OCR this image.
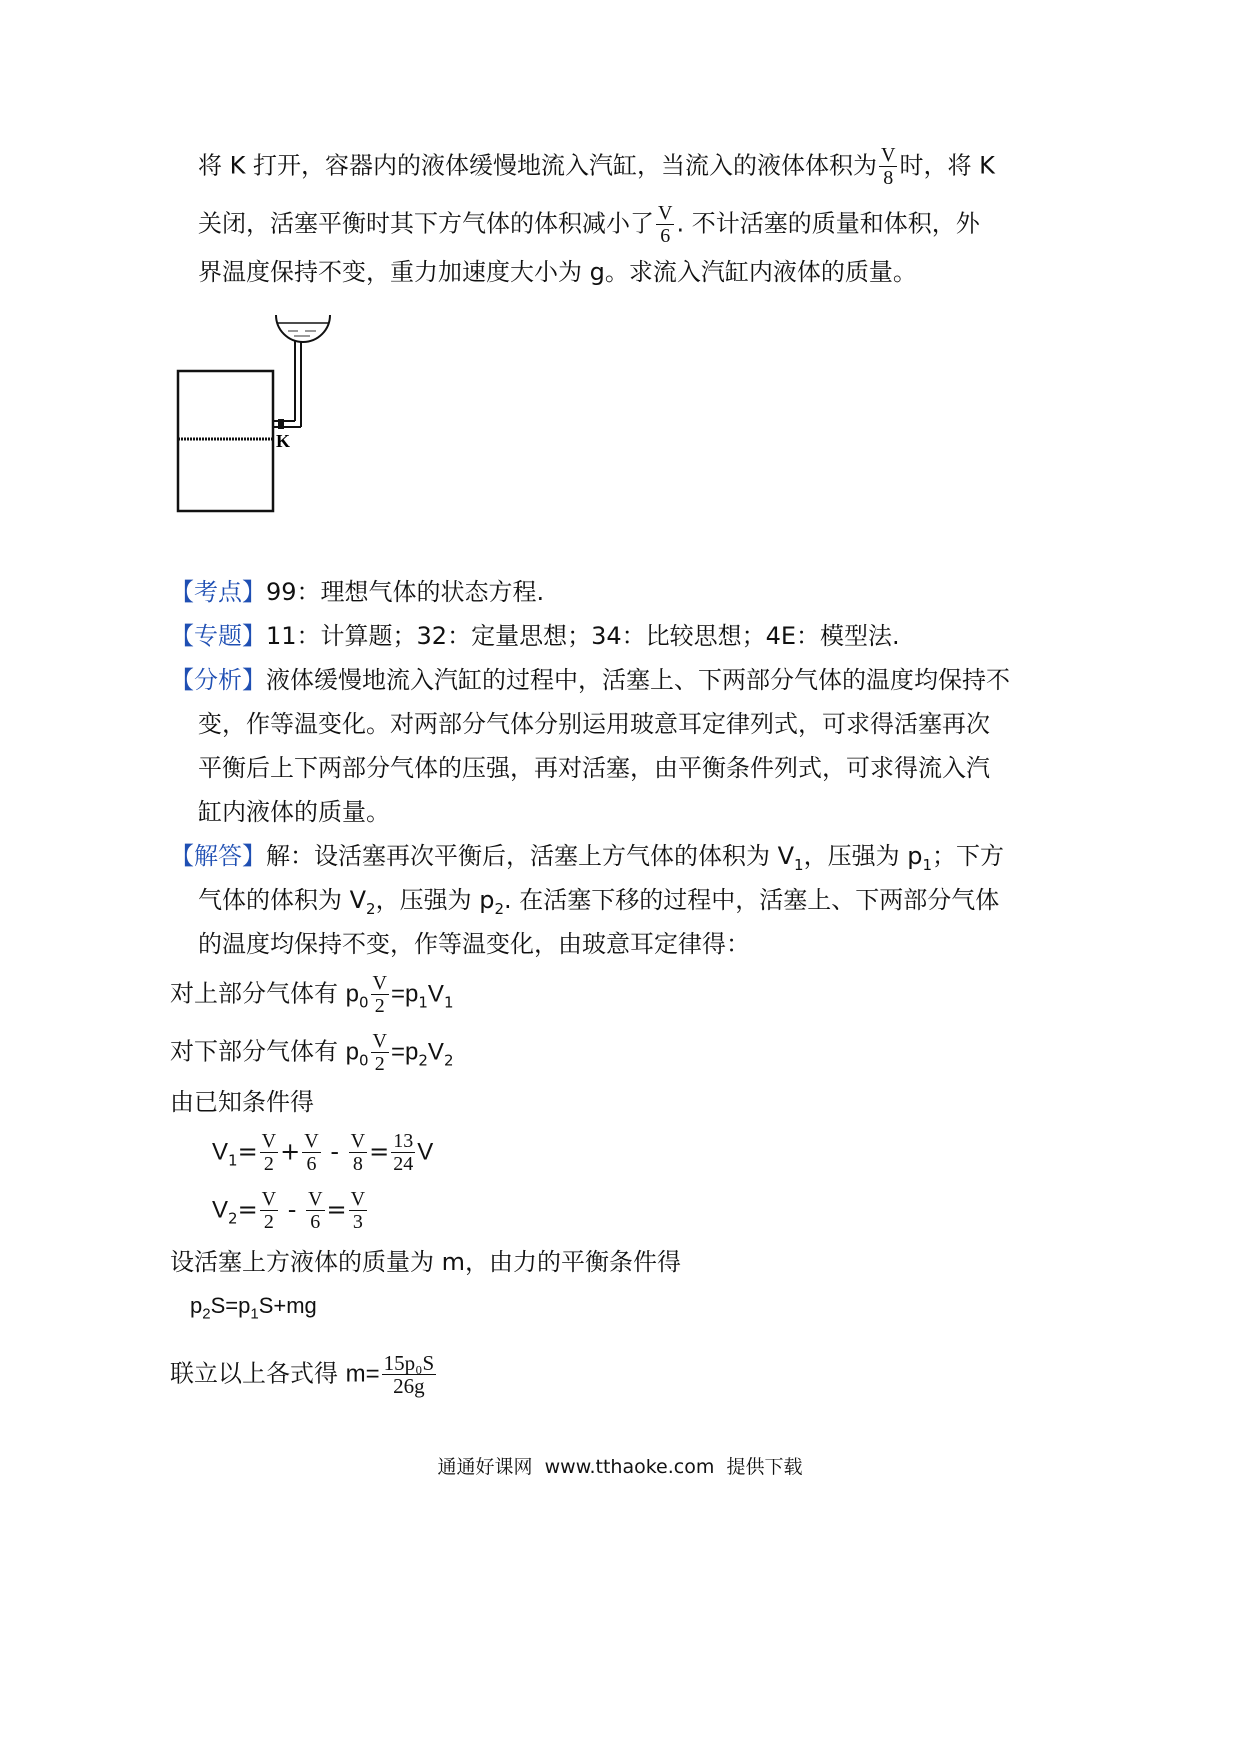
将 K 打开，容器内的液体缓慢地流入汽缸，当流入的液体体积为 $\frac{V}{8}$ 时，将 K
关闭，活塞平衡时其下方气体的体积减小了 $\frac{V}{6}$ . 不计活塞的质量和体积，外
界温度保持不变，重力加速度大小为 g。求流入汽缸内液体的质量。
K
【考点】99：理想气体的状态方程.
【专题】11：计算题；32：定量思想；34：比较思想；4E：模型法.
【分析】液体缓慢地流入汽缸的过程中，活塞上、下两部分气体的温度均保持不
变，作等温变化。对两部分气体分别运用玻意耳定律列式，可求得活塞再次
平衡后上下两部分气体的压强，再对活塞，由平衡条件列式，可求得流入汽
缸内液体的质量。
【解答】解：设活塞再次平衡后，活塞上方气体的体积为 $V_1$，压强为 $p_1$；下方
气体的体积为 $V_2$，压强为 $p_2$. 在活塞下移的过程中，活塞上、下两部分气体
的温度均保持不变，作等温变化，由玻意耳定律得：
对上部分气体有 $p_0 \frac{V}{2} =p_1V_1$
对下部分气体有 $p_0 \frac{V}{2} =p_2V_2$
由已知条件得
$V_1= \frac{V}{2} + \frac{V}{6} - \frac{V}{8} = \frac{13}{24}$ V
$V_2= \frac{V}{2} - \frac{V}{6} = \frac{V}{3}$
设活塞上方液体的质量为 m，由力的平衡条件得
$p_2S=p_1S+mg$
联立以上各式得 $m= \frac{\text{15p₀S}}{26g}$
通通好课网  www.tthaoke.com  提供下载
